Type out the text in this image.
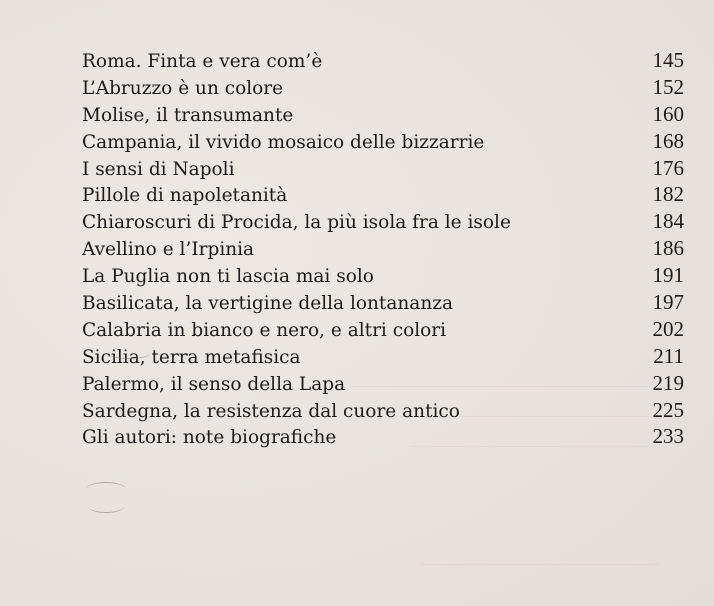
Roma. Finta e vera com’è	145
L’Abruzzo è un colore	152
Molise, il transumante	160
Campania, il vivido mosaico delle bizzarrie	168
I sensi di Napoli	176
Pillole di napoletanità	182
Chiaroscuri di Procida, la più isola fra le isole	184
Avellino e l’Irpinia	186
La Puglia non ti lascia mai solo	191
Basilicata, la vertigine della lontananza	197
Calabria in bianco e nero, e altri colori	202
Sicilia, terra metafisica	211
Palermo, il senso della Lapa	219
Sardegna, la resistenza dal cuore antico	225
Gli autori: note biografiche	233
